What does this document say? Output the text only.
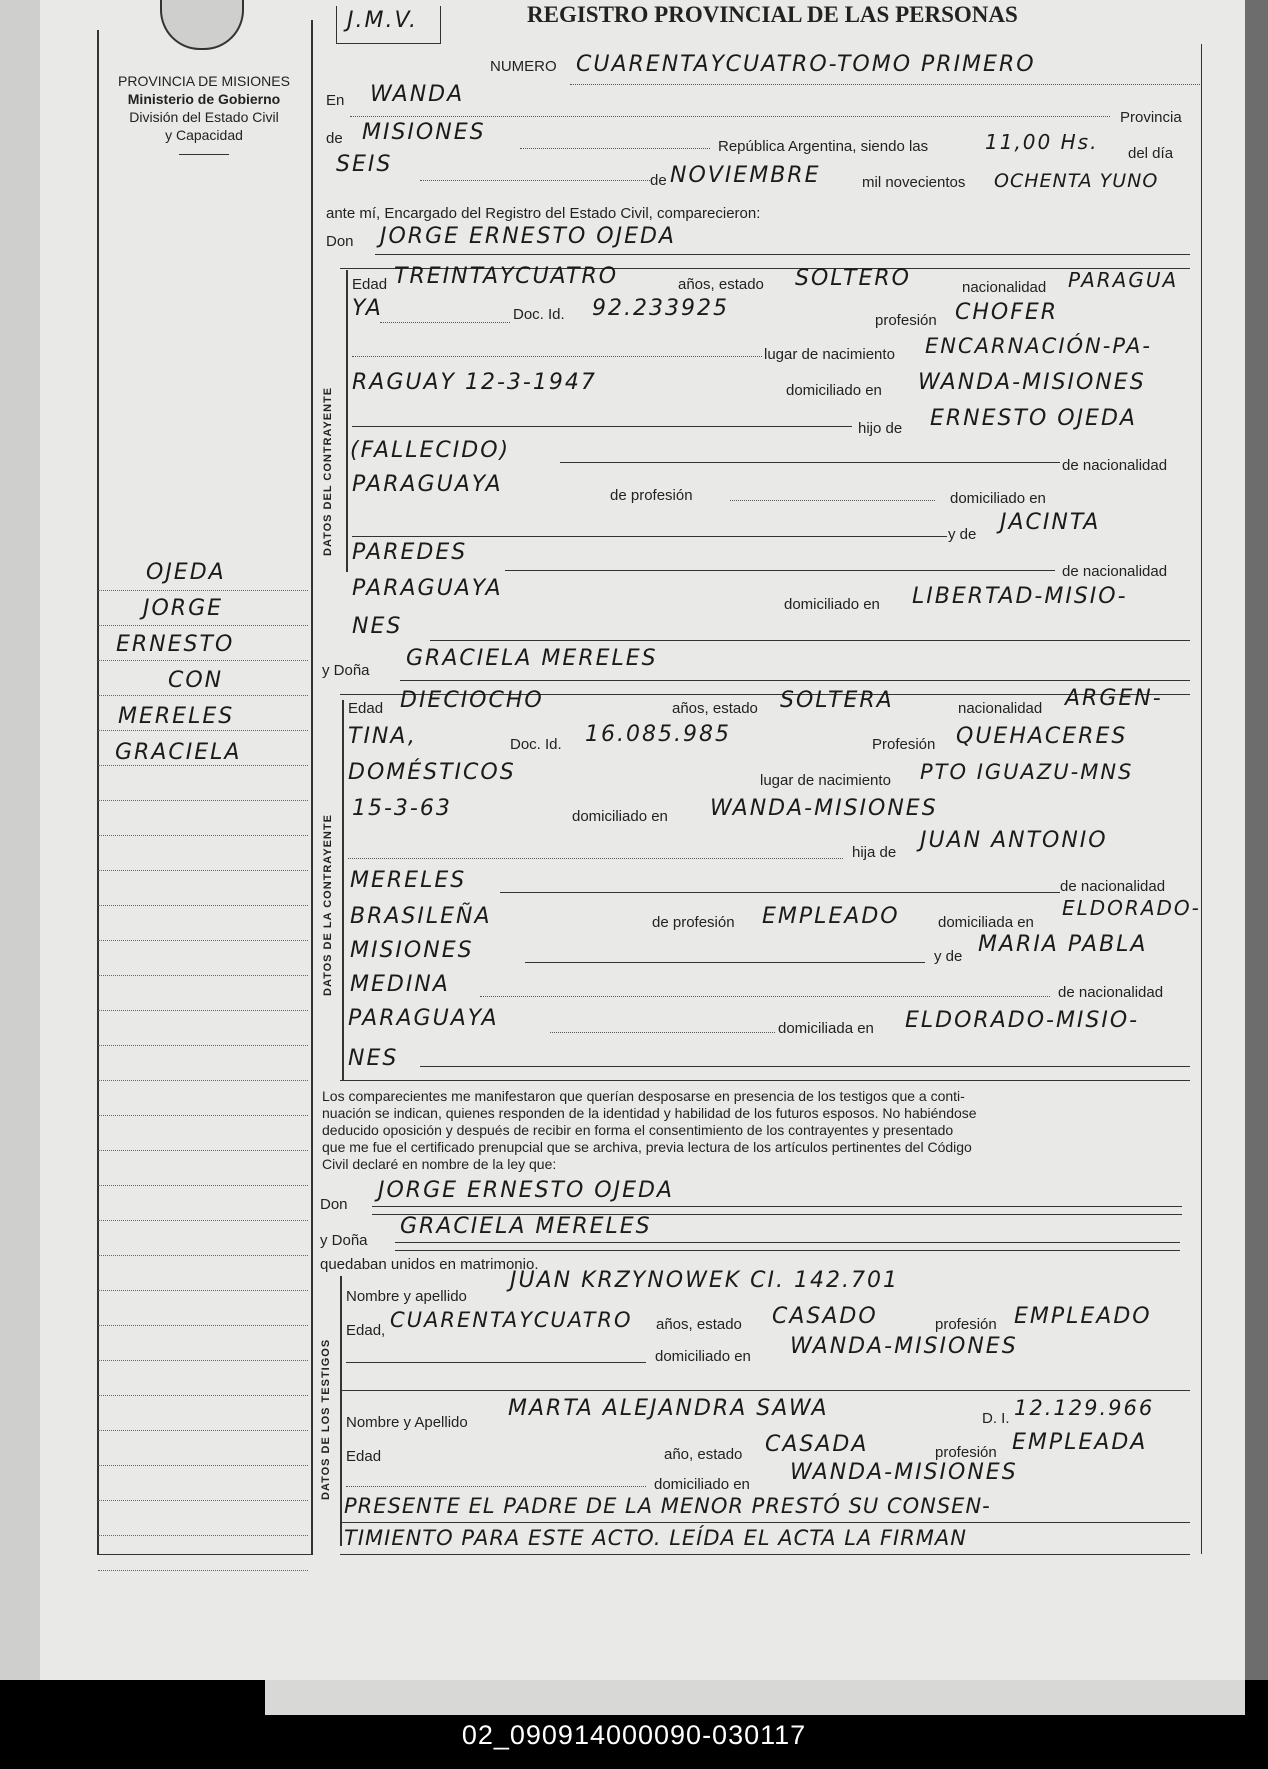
02_090914000090-030117
J.M.V.	REGISTRO PROVINCIAL DE LAS PERSONAS
PROVINCIA DE MISIONES
Ministerio de Gobierno
División del Estado Civil
y Capacidad
OJEDA
JORGE
ERNESTO
CON
MERELES
GRACIELA
NUMERO CUARENTAYCUATRO-TOMO PRIMERO
En WANDA
Provincia
de MISIONES
República Argentina, siendo las	11,00 Hs. del día
SEIS
de NOVIEMBRE	mil novecientos OCHENTA YUNO
ante mí, Encargado del Registro del Estado Civil, comparecieron:
Don JORGE ERNESTO OJEDA
DATOS DEL CONTRAYENTE
Edad TREINTAYCUATRO	años, estado SOLTERO	nacionalidad PARAGUA
YA	Doc. Id. 92.233925	profesión CHOFER
lugar de nacimiento ENCARNACIÓN-PA-
RAGUAY 12-3-1947	domiciliado en WANDA-MISIONES
hijo de ERNESTO OJEDA
(FALLECIDO)
de nacionalidad
PARAGUAYA	de profesión	domiciliado en
y de JACINTA
PAREDES
de nacionalidad
PARAGUAYA
domiciliado en LIBERTAD-MISIO-
NES
y Doña GRACIELA MERELES
DATOS DE LA CONTRAYENTE
Edad DIECIOCHO	años, estado SOLTERA	nacionalidad ARGEN-
TINA,	Doc. Id. 16.085.985	Profesión QUEHACERES
DOMÉSTICOS	lugar de nacimiento PTO IGUAZU-MNS
15-3-63	domiciliado en WANDA-MISIONES
hija de JUAN ANTONIO
MERELES	de nacionalidad
BRASILEÑA	de profesión EMPLEADO	domiciliada en
ELDORADO-
MISIONES	y de MARIA PABLA
MEDINA	de nacionalidad
PARAGUAYA	domiciliada en ELDORADO-MISIO-
NES
Los comparecientes me manifestaron que querían desposarse en presencia de los testigos que a conti-
nuación se indican, quienes responden de la identidad y habilidad de los futuros esposos. No habiéndose
deducido oposición y después de recibir en forma el consentimiento de los contrayentes y presentado
que me fue el certificado prenupcial que se archiva, previa lectura de los artículos pertinentes del Código
Civil declaré en nombre de la ley que:
Don
JORGE ERNESTO OJEDA
y Doña
GRACIELA MERELES
quedaban unidos en matrimonio.
DATOS DE LOS TESTIGOS
Nombre y apellido
JUAN KRZYNOWEK CI. 142.701
Edad, CUARENTAYCUATRO años, estado CASADO	profesión EMPLEADO
domiciliado en WANDA-MISIONES
Nombre y Apellido
MARTA ALEJANDRA SAWA	D. I. 12.129.966
Edad	año, estado CASADA	profesión EMPLEADA
domiciliado en WANDA-MISIONES
PRESENTE EL PADRE DE LA MENOR PRESTÓ SU CONSEN-
TIMIENTO PARA ESTE ACTO. LEÍDA EL ACTA LA FIRMAN
